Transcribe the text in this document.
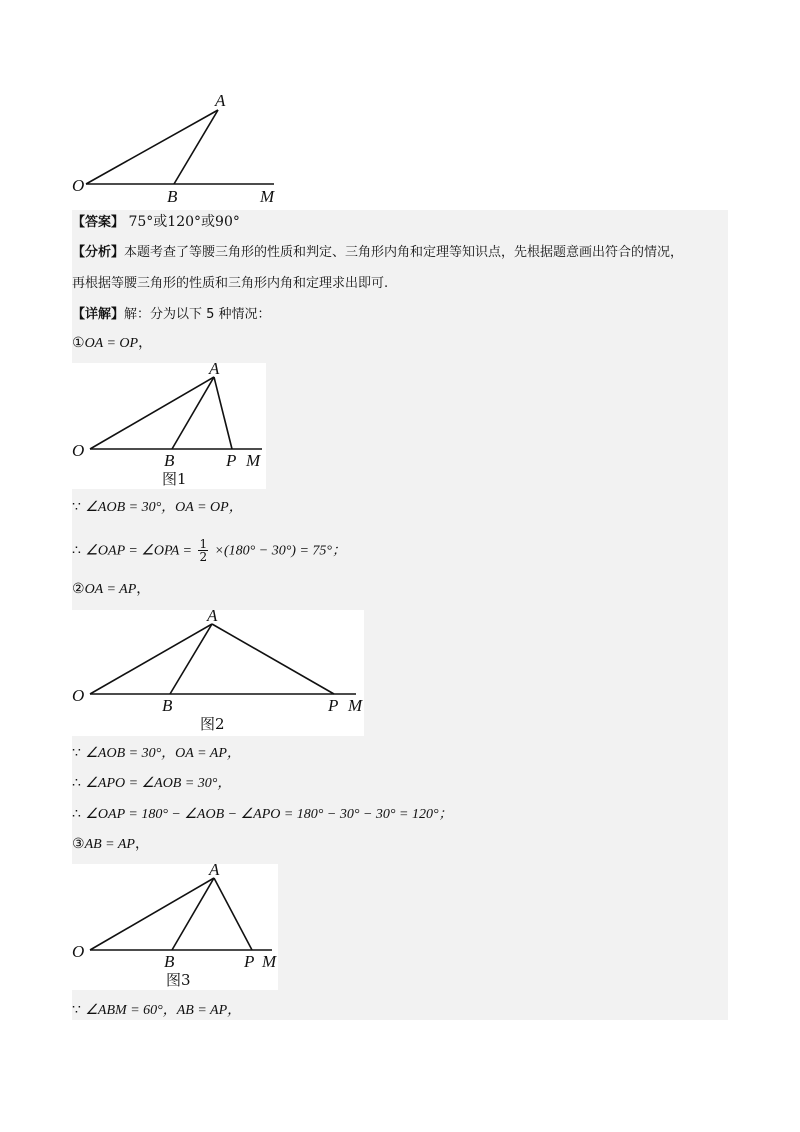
A
O
B	M
【答案】 75°或120°或90°
【分析】本题考查了等腰三角形的性质和判定、三角形内角和定理等知识点，先根据题意画出符合的情况，
再根据等腰三角形的性质和三角形内角和定理求出即可.
【详解】解：分为以下 5 种情况：
①OA = OP，
A
O
B	P M
图1
∵ ∠AOB = 30°，OA = OP，
∴ ∠OAP = ∠OPA = $\frac{1}{2} \times(180^\circ - 30^\circ) = 75^\circ$；
②OA = AP，
A
O
B	P M
图2
∵ ∠AOB = 30°，OA = AP，
∴ ∠APO = ∠AOB = 30°，
∴ ∠OAP = 180° − ∠AOB − ∠APO = 180° − 30° − 30° = 120°；
③AB = AP，
A
O
B	P M
图3
∵ ∠ABM = 60°，AB = AP，
